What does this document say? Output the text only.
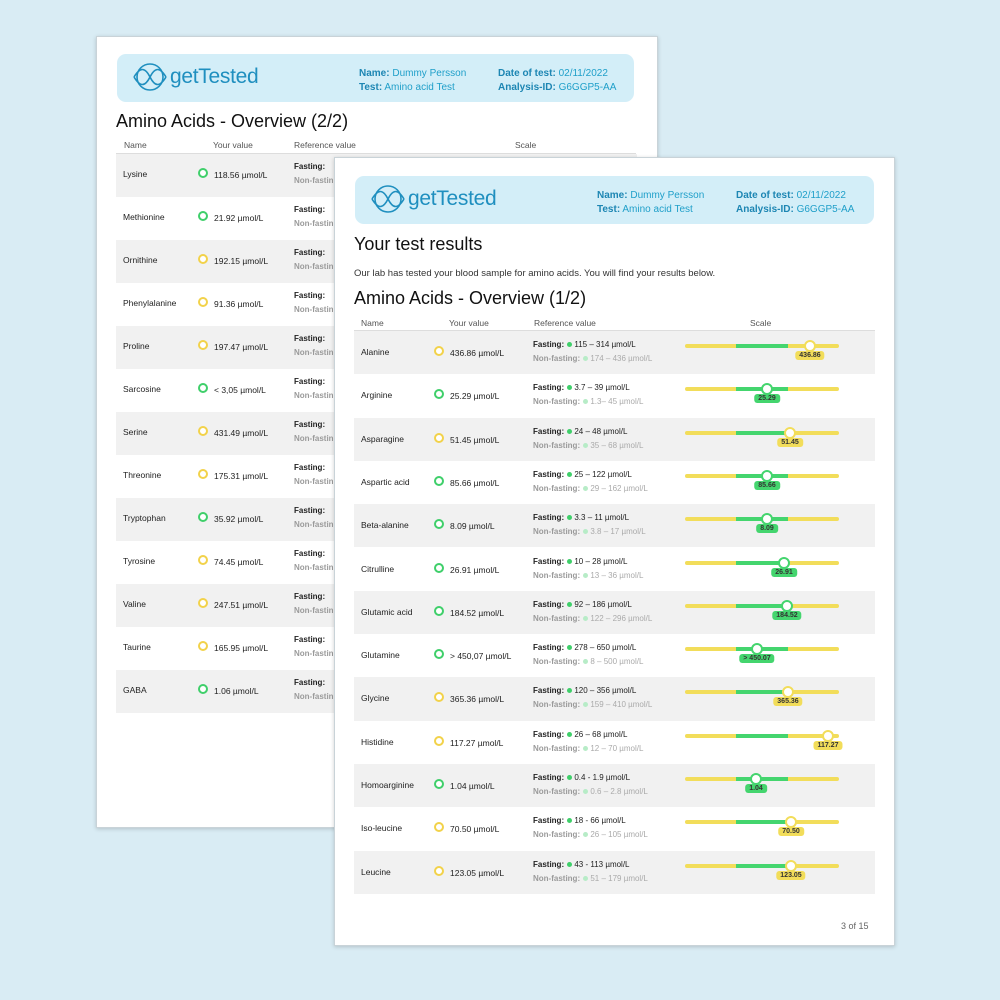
getTested	Name: Dummy Persson
Test: Amino acid Test
Date of test: 02/11/2022
Analysis-ID: G6GGP5-AA
Amino Acids - Overview (2/2)
Name	Your value	Reference value	Scale
Lysine	118.56 µmol/L
Fasting:
Non-fastin
Methionine	21.92 µmol/L
Fasting:
Non-fastin
Ornithine	192.15 µmol/L
Fasting:
Non-fastin
Phenylalanine	91.36 µmol/L
Fasting:
Non-fastin
Proline	197.47 µmol/L
Fasting:
Non-fastin
Sarcosine	< 3,05 µmol/L
Fasting:
Non-fastin
Serine	431.49 µmol/L
Fasting:
Non-fastin
Threonine	175.31 µmol/L
Fasting:
Non-fastin
Tryptophan	35.92 µmol/L
Fasting:
Non-fastin
Tyrosine	74.45 µmol/L
Fasting:
Non-fastin
Valine	247.51 µmol/L
Fasting:
Non-fastin
Taurine	165.95 µmol/L
Fasting:
Non-fastin
GABA	1.06 µmol/L
Fasting:
Non-fastin
getTested	Name: Dummy Persson
Test: Amino acid Test
Date of test: 02/11/2022
Analysis-ID: G6GGP5-AA
Your test results
Our lab has tested your blood sample for amino acids. You will find your results below.
Amino Acids - Overview (1/2)
Name	Your value	Reference value	Scale
Alanine	436.86 µmol/L
Fasting: 115 – 314 µmol/L
Non-fasting: 174 – 436 µmol/L	436.86
Arginine	25.29 µmol/L
Fasting: 3.7 – 39 µmol/L
Non-fasting: 1.3– 45 µmol/L	25.29
Asparagine	51.45 µmol/L
Fasting: 24 – 48 µmol/L
Non-fasting: 35 – 68 µmol/L	51.45
Aspartic acid	85.66 µmol/L
Fasting: 25 – 122 µmol/L
Non-fasting: 29 – 162 µmol/L	85.66
Beta-alanine	8.09 µmol/L
Fasting: 3.3 – 11 µmol/L
Non-fasting: 3.8 – 17 µmol/L	8.09
Citrulline	26.91 µmol/L
Fasting: 10 – 28 µmol/L
Non-fasting: 13 – 36 µmol/L	26.91
Glutamic acid	184.52 µmol/L
Fasting: 92 – 186 µmol/L
Non-fasting: 122 – 296 µmol/L	184.52
Glutamine	> 450,07 µmol/L
Fasting: 278 – 650 µmol/L
Non-fasting: 8 – 500 µmol/L	> 450.07
Glycine	365.36 µmol/L
Fasting: 120 – 356 µmol/L
Non-fasting: 159 – 410 µmol/L	365.36
Histidine	117.27 µmol/L
Fasting: 26 – 68 µmol/L
Non-fasting: 12 – 70 µmol/L	117.27
Homoarginine	1.04 µmol/L
Fasting: 0.4 - 1.9 µmol/L
Non-fasting: 0.6 – 2.8 µmol/L	1.04
Iso-leucine	70.50 µmol/L
Fasting: 18 - 66 µmol/L
Non-fasting: 26 – 105 µmol/L	70.50
Leucine	123.05 µmol/L
Fasting: 43 - 113 µmol/L
Non-fasting: 51 – 179 µmol/L	123.05
3 of 15
